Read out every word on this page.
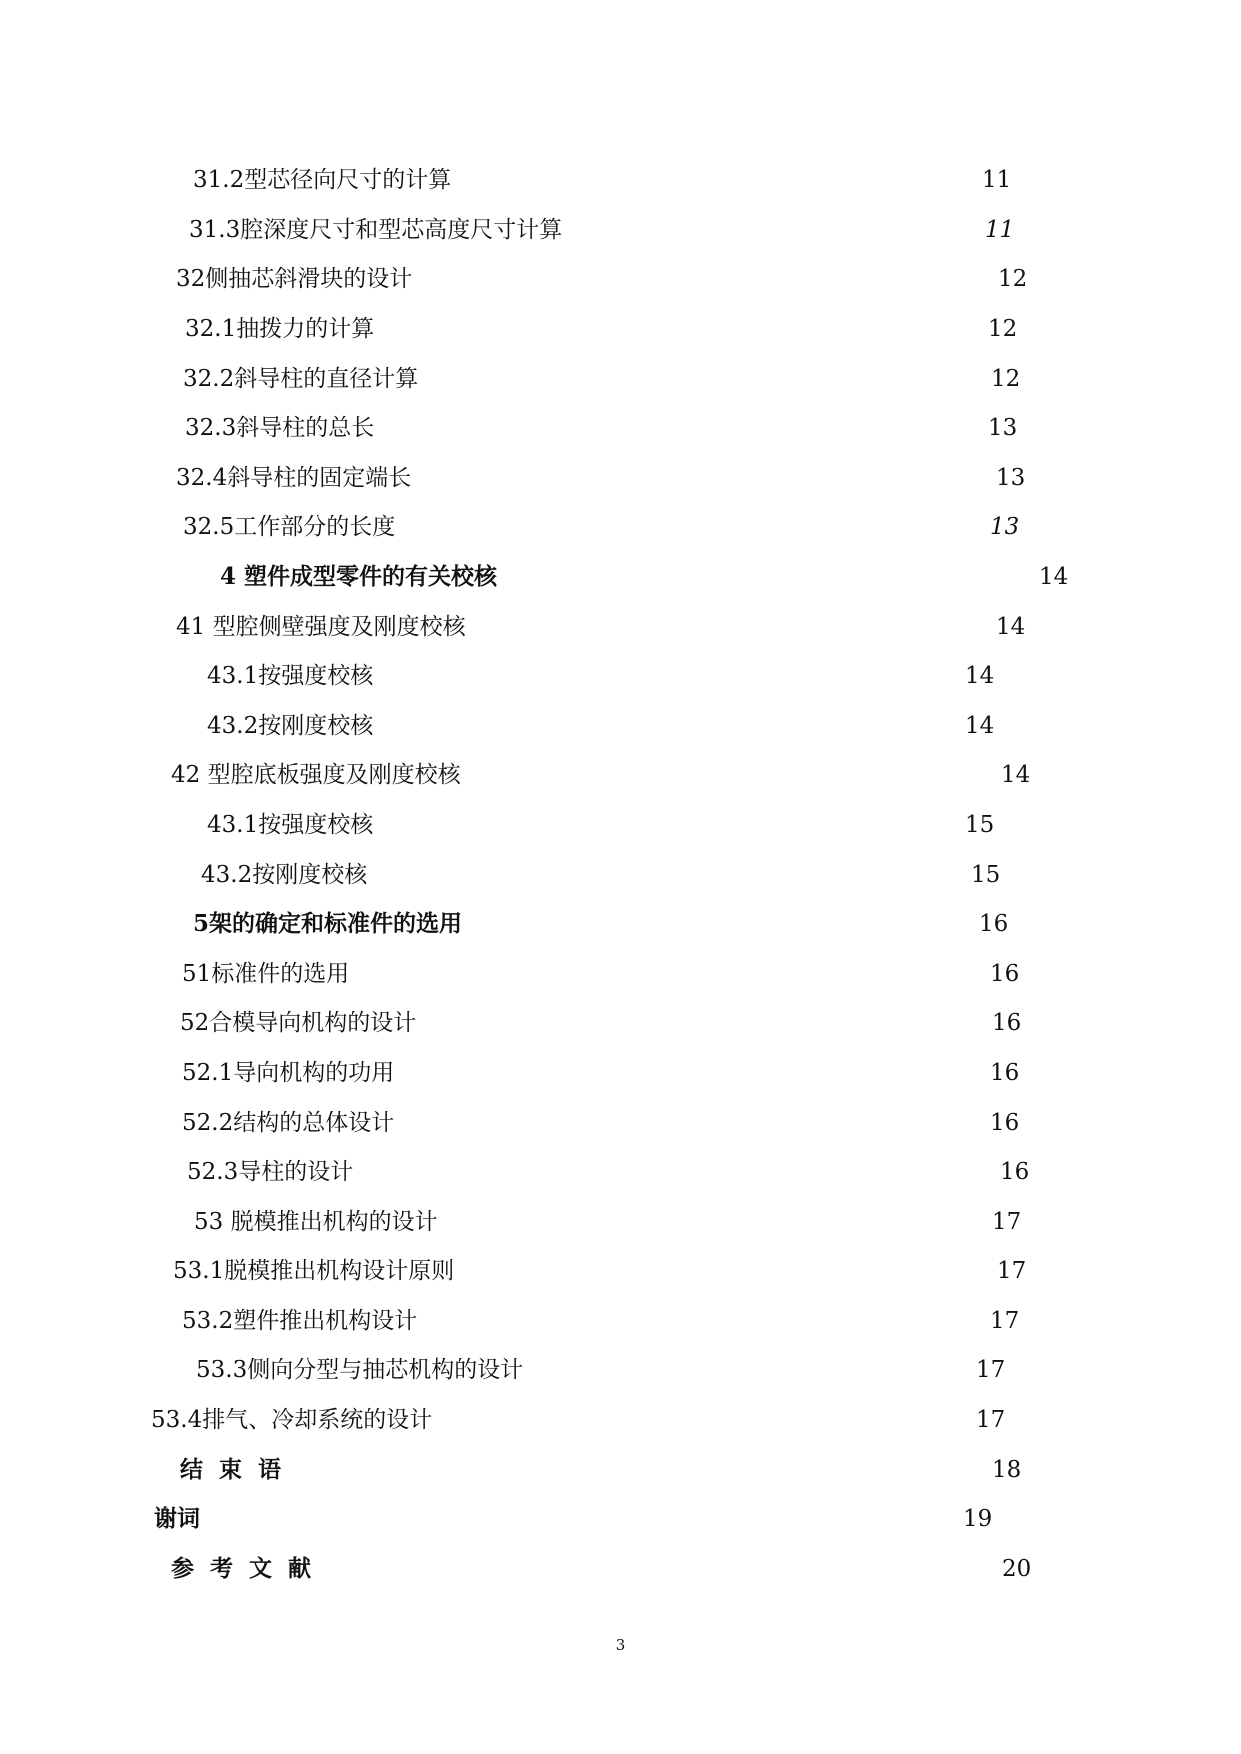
31.2型芯径向尺寸的计算	11
31.3腔深度尺寸和型芯高度尺寸计算	11
32侧抽芯斜滑块的设计	12
32.1抽拨力的计算	12
32.2斜导柱的直径计算	12
32.3斜导柱的总长	13
32.4斜导柱的固定端长	13
32.5工作部分的长度	13
4 塑件成型零件的有关校核	14
41 型腔侧壁强度及刚度校核	14
43.1按强度校核	14
43.2按刚度校核	14
42 型腔底板强度及刚度校核	14
43.1按强度校核	15
43.2按刚度校核	15
5架的确定和标准件的选用	16
51标准件的选用	16
52合模导向机构的设计	16
52.1导向机构的功用	16
52.2结构的总体设计	16
52.3导柱的设计	16
53 脱模推出机构的设计	17
53.1脱模推出机构设计原则	17
53.2塑件推出机构设计	17
53.3侧向分型与抽芯机构的设计	17
53.4排气、冷却系统的设计	17
结 束 语	18
谢词	19
参 考 文 献	20
3
